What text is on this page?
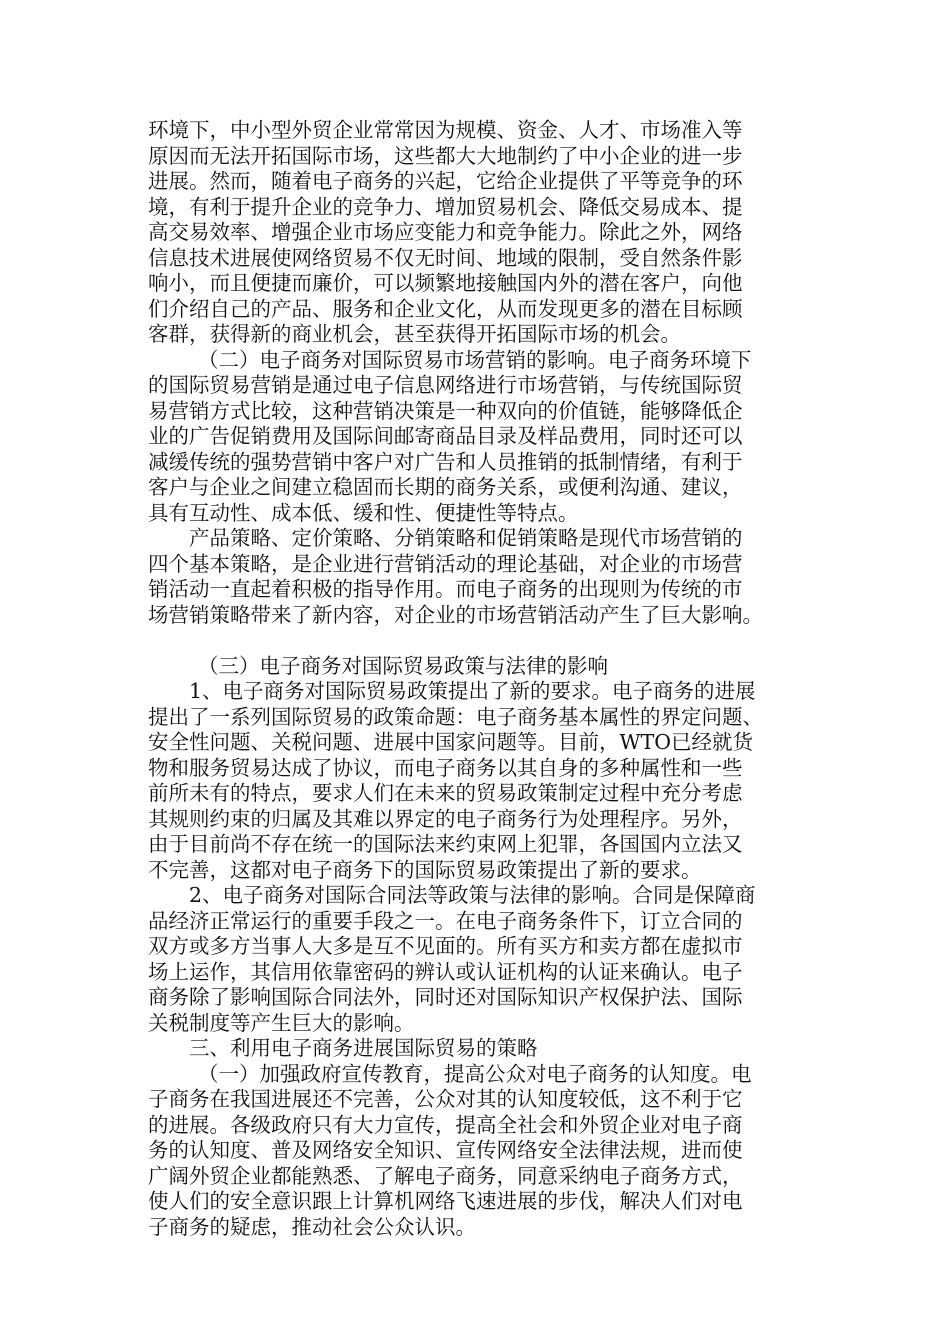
环境下，中小型外贸企业常常因为规模、资金、人才、市场准入等
原因而无法开拓国际市场，这些都大大地制约了中小企业的进一步
进展。然而，随着电子商务的兴起，它给企业提供了平等竞争的环
境，有利于提升企业的竞争力、增加贸易机会、降低交易成本、提
高交易效率、增强企业市场应变能力和竞争能力。除此之外，网络
信息技术进展使网络贸易不仅无时间、地域的限制，受自然条件影
响小，而且便捷而廉价，可以频繁地接触国内外的潜在客户，向他
们介绍自己的产品、服务和企业文化，从而发现更多的潜在目标顾
客群，获得新的商业机会，甚至获得开拓国际市场的机会。
（二）电子商务对国际贸易市场营销的影响。电子商务环境下
的国际贸易营销是通过电子信息网络进行市场营销，与传统国际贸
易营销方式比较，这种营销决策是一种双向的价值链，能够降低企
业的广告促销费用及国际间邮寄商品目录及样品费用，同时还可以
减缓传统的强势营销中客户对广告和人员推销的抵制情绪，有利于
客户与企业之间建立稳固而长期的商务关系，或便利沟通、建议，
具有互动性、成本低、缓和性、便捷性等特点。
产品策略、定价策略、分销策略和促销策略是现代市场营销的
四个基本策略，是企业进行营销活动的理论基础，对企业的市场营
销活动一直起着积极的指导作用。而电子商务的出现则为传统的市
场营销策略带来了新内容，对企业的市场营销活动产生了巨大影响。
（三）电子商务对国际贸易政策与法律的影响
1、电子商务对国际贸易政策提出了新的要求。电子商务的进展
提出了一系列国际贸易的政策命题：电子商务基本属性的界定问题、
安全性问题、关税问题、进展中国家问题等。目前，WTO已经就货
物和服务贸易达成了协议，而电子商务以其自身的多种属性和一些
前所未有的特点，要求人们在未来的贸易政策制定过程中充分考虑
其规则约束的归属及其难以界定的电子商务行为处理程序。另外，
由于目前尚不存在统一的国际法来约束网上犯罪，各国国内立法又
不完善，这都对电子商务下的国际贸易政策提出了新的要求。
2、电子商务对国际合同法等政策与法律的影响。合同是保障商
品经济正常运行的重要手段之一。在电子商务条件下，订立合同的
双方或多方当事人大多是互不见面的。所有买方和卖方都在虚拟市
场上运作，其信用依靠密码的辨认或认证机构的认证来确认。电子
商务除了影响国际合同法外，同时还对国际知识产权保护法、国际
关税制度等产生巨大的影响。
三、利用电子商务进展国际贸易的策略
（一）加强政府宣传教育，提高公众对电子商务的认知度。电
子商务在我国进展还不完善，公众对其的认知度较低，这不利于它
的进展。各级政府只有大力宣传，提高全社会和外贸企业对电子商
务的认知度、普及网络安全知识、宣传网络安全法律法规，进而使
广阔外贸企业都能熟悉、了解电子商务，同意采纳电子商务方式，
使人们的安全意识跟上计算机网络飞速进展的步伐，解决人们对电
子商务的疑虑，推动社会公众认识。
